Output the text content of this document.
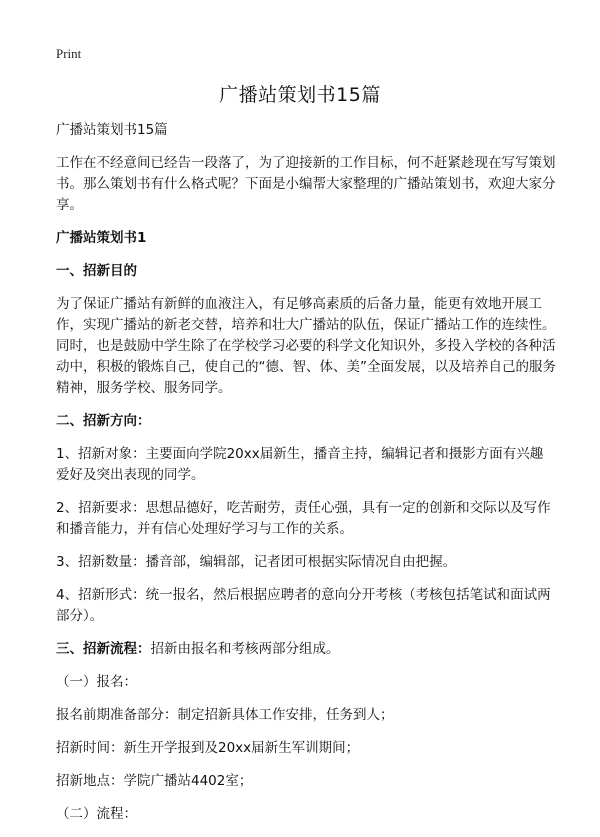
Print
广播站策划书15篇

广播站策划书15篇

工作在不经意间已经告一段落了，为了迎接新的工作目标，何不赶紧趁现在写写策划书。那么策划书有什么格式呢？下面是小编帮大家整理的广播站策划书，欢迎大家分享。

广播站策划书1

一、招新目的

为了保证广播站有新鲜的血液注入，有足够高素质的后备力量，能更有效地开展工作，实现广播站的新老交替，培养和壮大广播站的队伍，保证广播站工作的连续性。同时，也是鼓励中学生除了在学校学习必要的科学文化知识外，多投入学校的各种活动中，积极的锻炼自己，使自己的“德、智、体、美”全面发展，以及培养自己的服务精神，服务学校、服务同学。

二、招新方向：

1、招新对象：主要面向学院20xx届新生，播音主持，编辑记者和摄影方面有兴趣爱好及突出表现的同学。

2、招新要求：思想品德好，吃苦耐劳，责任心强，具有一定的创新和交际以及写作和播音能力，并有信心处理好学习与工作的关系。

3、招新数量：播音部，编辑部，记者团可根据实际情况自由把握。

4、招新形式：统一报名，然后根据应聘者的意向分开考核（考核包括笔试和面试两部分）。

三、招新流程：招新由报名和考核两部分组成。

（一）报名：

报名前期准备部分：制定招新具体工作安排，任务到人；

招新时间：新生开学报到及20xx届新生军训期间；

招新地点：学院广播站4402室；

（二）流程：
